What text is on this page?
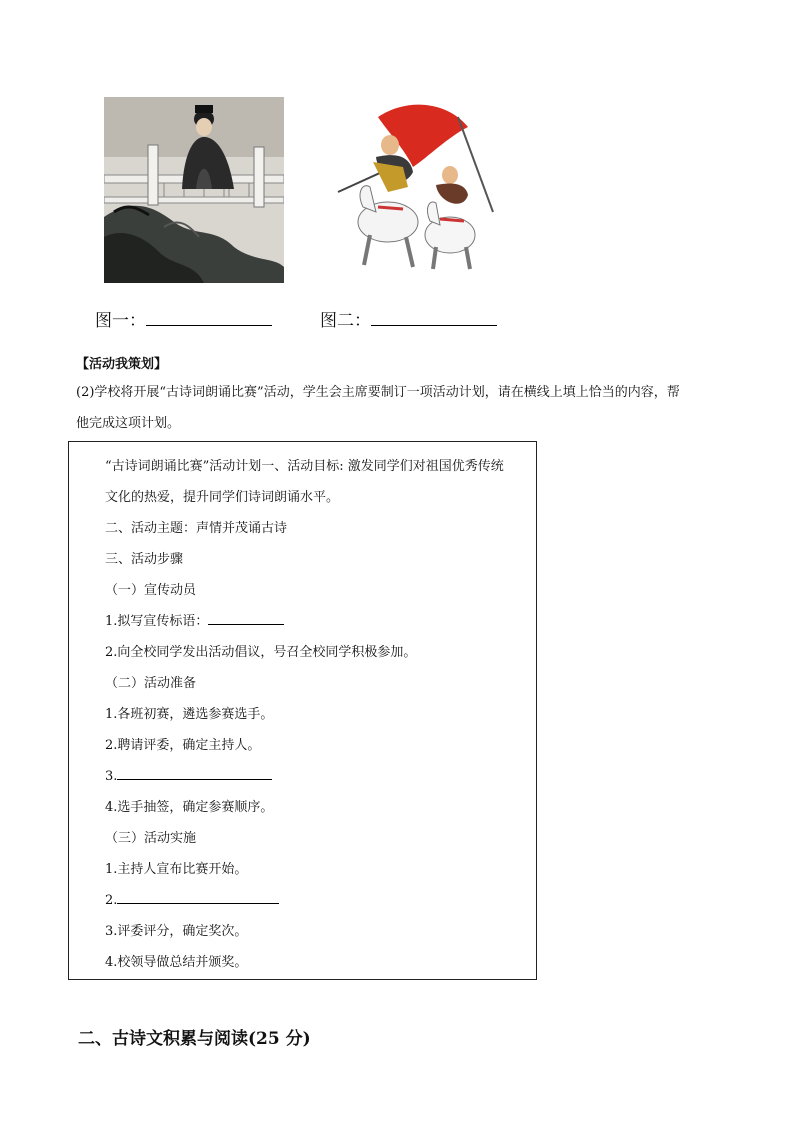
图一：	图二：
【活动我策划】
(2)学校将开展“古诗词朗诵比赛”活动，学生会主席要制订一项活动计划，请在横线上填上恰当的内容，帮
他完成这项计划。
“古诗词朗诵比赛”活动计划一、活动目标: 激发同学们对祖国优秀传统
文化的热爱，提升同学们诗词朗诵水平。
二、活动主题：声情并茂诵古诗
三、活动步骤
（一）宣传动员
1.拟写宣传标语：
2.向全校同学发出活动倡议，号召全校同学积极参加。
（二）活动准备
1.各班初赛，遴选参赛选手。
2.聘请评委，确定主持人。
3.
4.选手抽签，确定参赛顺序。
（三）活动实施
1.主持人宣布比赛开始。
2.
3.评委评分，确定奖次。
4.校领导做总结并颁奖。
二、古诗文积累与阅读(25 分)
